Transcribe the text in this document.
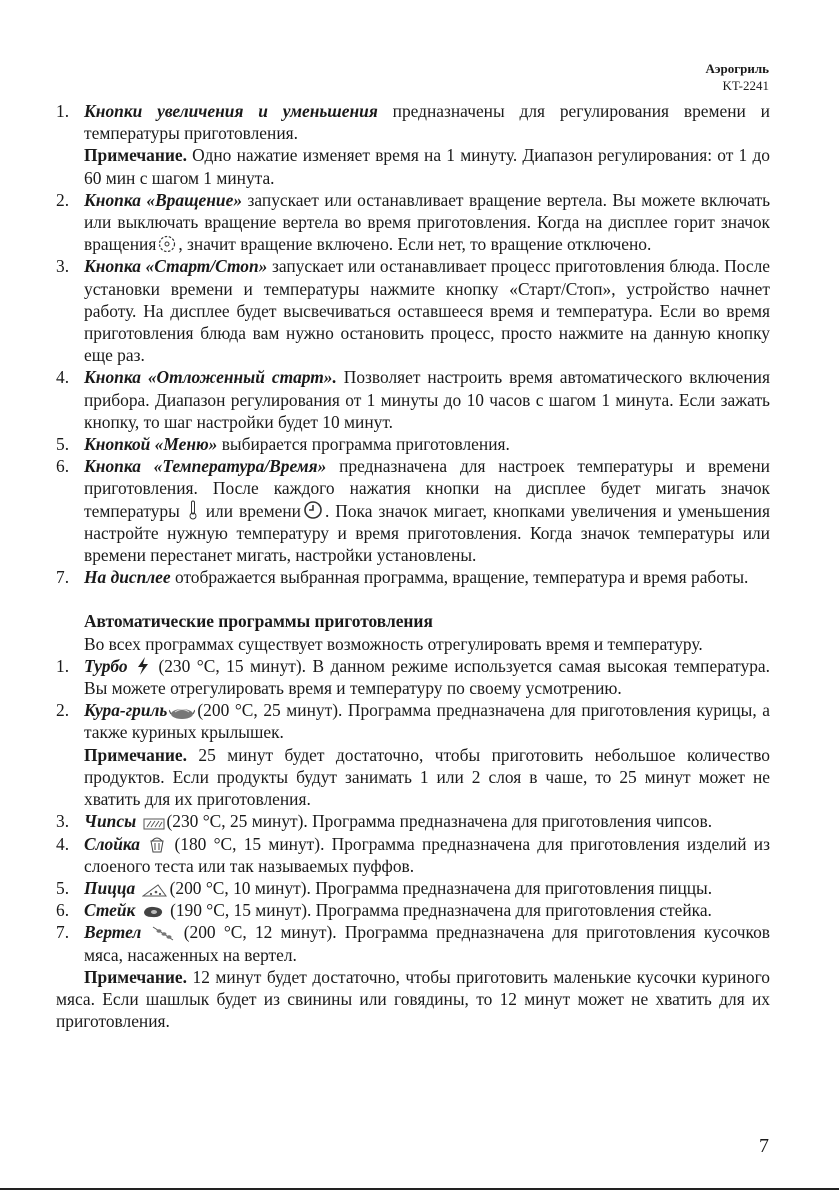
Аэрогриль
KT-2241
1. Кнопки увеличения и уменьшения предназначены для регулирования времени и температуры приготовления.
Примечание. Одно нажатие изменяет время на 1 минуту. Диапазон регулирования: от 1 до 60 мин с шагом 1 минута.
2. Кнопка «Вращение» запускает или останавливает вращение вертела. Вы можете включать или выключать вращение вертела во время приготовления. Когда на дисплее горит значок вращения , значит вращение включено. Если нет, то вращение отключено.
3. Кнопка «Старт/Стоп» запускает или останавливает процесс приготовления блюда. После установки времени и температуры нажмите кнопку «Старт/Стоп», устройство начнет работу. На дисплее будет высвечиваться оставшееся время и температура. Если во время приготовления блюда вам нужно остановить процесс, просто нажмите на данную кнопку еще раз.
4. Кнопка «Отложенный старт». Позволяет настроить время автоматического включения прибора. Диапазон регулирования от 1 минуты до 10 часов с шагом 1 минута. Если зажать кнопку, то шаг настройки будет 10 минут.
5. Кнопкой «Меню» выбирается программа приготовления.
6. Кнопка «Температура/Время» предназначена для настроек температуры и времени приготовления. После каждого нажатия кнопки на дисплее будет мигать значок температуры  или времени . Пока значок мигает, кнопками увеличения и уменьшения настройте нужную температуру и время приготовления. Когда значок температуры или времени перестанет мигать, настройки установлены.
7. На дисплее отображается выбранная программа, вращение, температура и время работы.
Автоматические программы приготовления
Во всех программах существует возможность отрегулировать время и температуру.
1. Турбо  (230 °С, 15 минут). В данном режиме используется самая высокая температура. Вы можете отрегулировать время и температуру по своему усмотрению.
2. Кура-гриль (200 °С, 25 минут). Программа предназначена для приготовления курицы, а также куриных крылышек.
Примечание. 25 минут будет достаточно, чтобы приготовить небольшое количество продуктов. Если продукты будут занимать 1 или 2 слоя в чаше, то 25 минут может не хватить для их приготовления.
3. Чипсы (230 °С, 25 минут). Программа предназначена для приготовления чипсов.
4. Слойка  (180 °С, 15 минут). Программа предназначена для приготовления изделий из слоеного теста или так называемых пуффов.
5. Пицца (200 °С, 10 минут). Программа предназначена для приготовления пиццы.
6. Стейк  (190 °С, 15 минут). Программа предназначена для приготовления стейка.
7. Вертел  (200 °С, 12 минут). Программа предназначена для приготовления кусочков мяса, насаженных на вертел.
Примечание. 12 минут будет достаточно, чтобы приготовить маленькие кусочки куриного мяса. Если шашлык будет из свинины или говядины, то 12 минут может не хватить для их приготовления.
7
